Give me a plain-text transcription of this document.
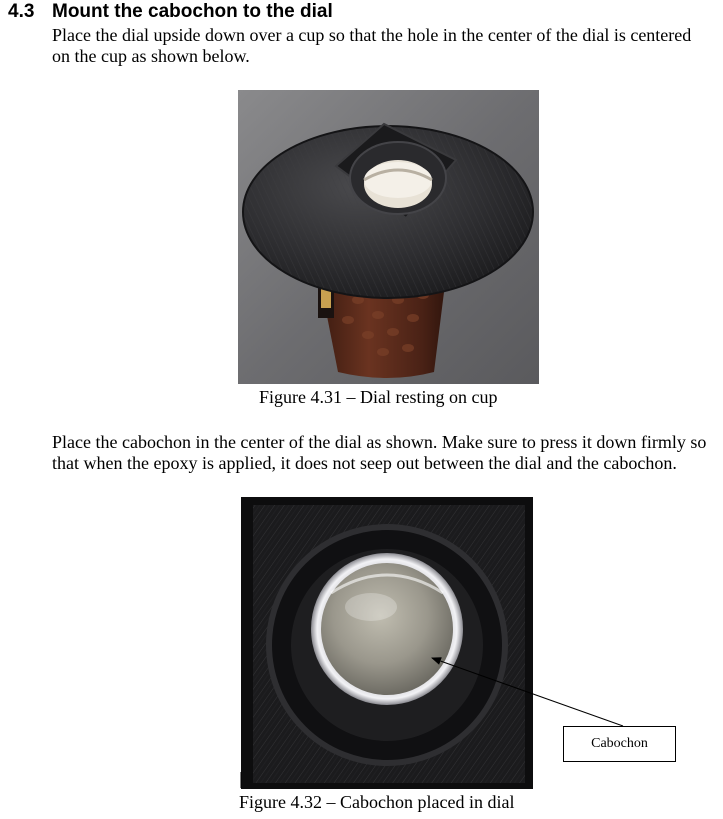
4.3 Mount the cabochon to the dial

Place the dial upside down over a cup so that the hole in the center of the dial is centered on the cup as shown below.

Figure 4.31 – Dial resting on cup

Place the cabochon in the center of the dial as shown. Make sure to press it down firmly so that when the epoxy is applied, it does not seep out between the dial and the cabochon.

Cabochon
Figure 4.32 – Cabochon placed in dial
